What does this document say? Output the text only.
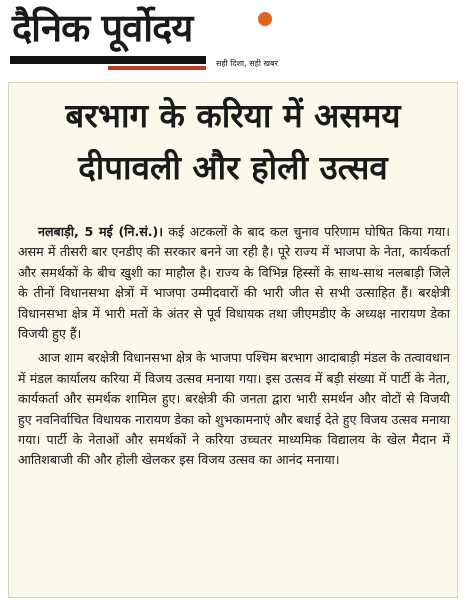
दैनिक पूर्वोदय
सही दिशा, सही खबर
बरभाग के करिया में असमय दीपावली और होली उत्सव

नलबाड़ी, 5 मई (नि.सं.)। कई अटकलों के बाद कल चुनाव परिणाम घोषित किया गया। असम में तीसरी बार एनडीए की सरकार बनने जा रही है। पूरे राज्य में भाजपा के नेता, कार्यकर्ता और समर्थकों के बीच खुशी का माहौल है। राज्य के विभिन्न हिस्सों के साथ-साथ नलबाड़ी जिले के तीनों विधानसभा क्षेत्रों में भाजपा उम्मीदवारों की भारी जीत से सभी उत्साहित हैं। बरक्षेत्री विधानसभा क्षेत्र में भारी मतों के अंतर से पूर्व विधायक तथा जीएमडीए के अध्यक्ष नारायण डेका विजयी हुए हैं।

आज शाम बरक्षेत्री विधानसभा क्षेत्र के भाजपा पश्चिम बरभाग आदाबाड़ी मंडल के तत्वावधान में मंडल कार्यालय करिया में विजय उत्सव मनाया गया। इस उत्सव में बड़ी संख्या में पार्टी के नेता, कार्यकर्ता और समर्थक शामिल हुए। बरक्षेत्री की जनता द्वारा भारी समर्थन और वोटों से विजयी हुए नवनिर्वाचित विधायक नारायण डेका को शुभकामनाएं और बधाई देते हुए विजय उत्सव मनाया गया। पार्टी के नेताओं और समर्थकों ने करिया उच्चतर माध्यमिक विद्यालय के खेल मैदान में आतिशबाजी की और होली खेलकर इस विजय उत्सव का आनंद मनाया।
